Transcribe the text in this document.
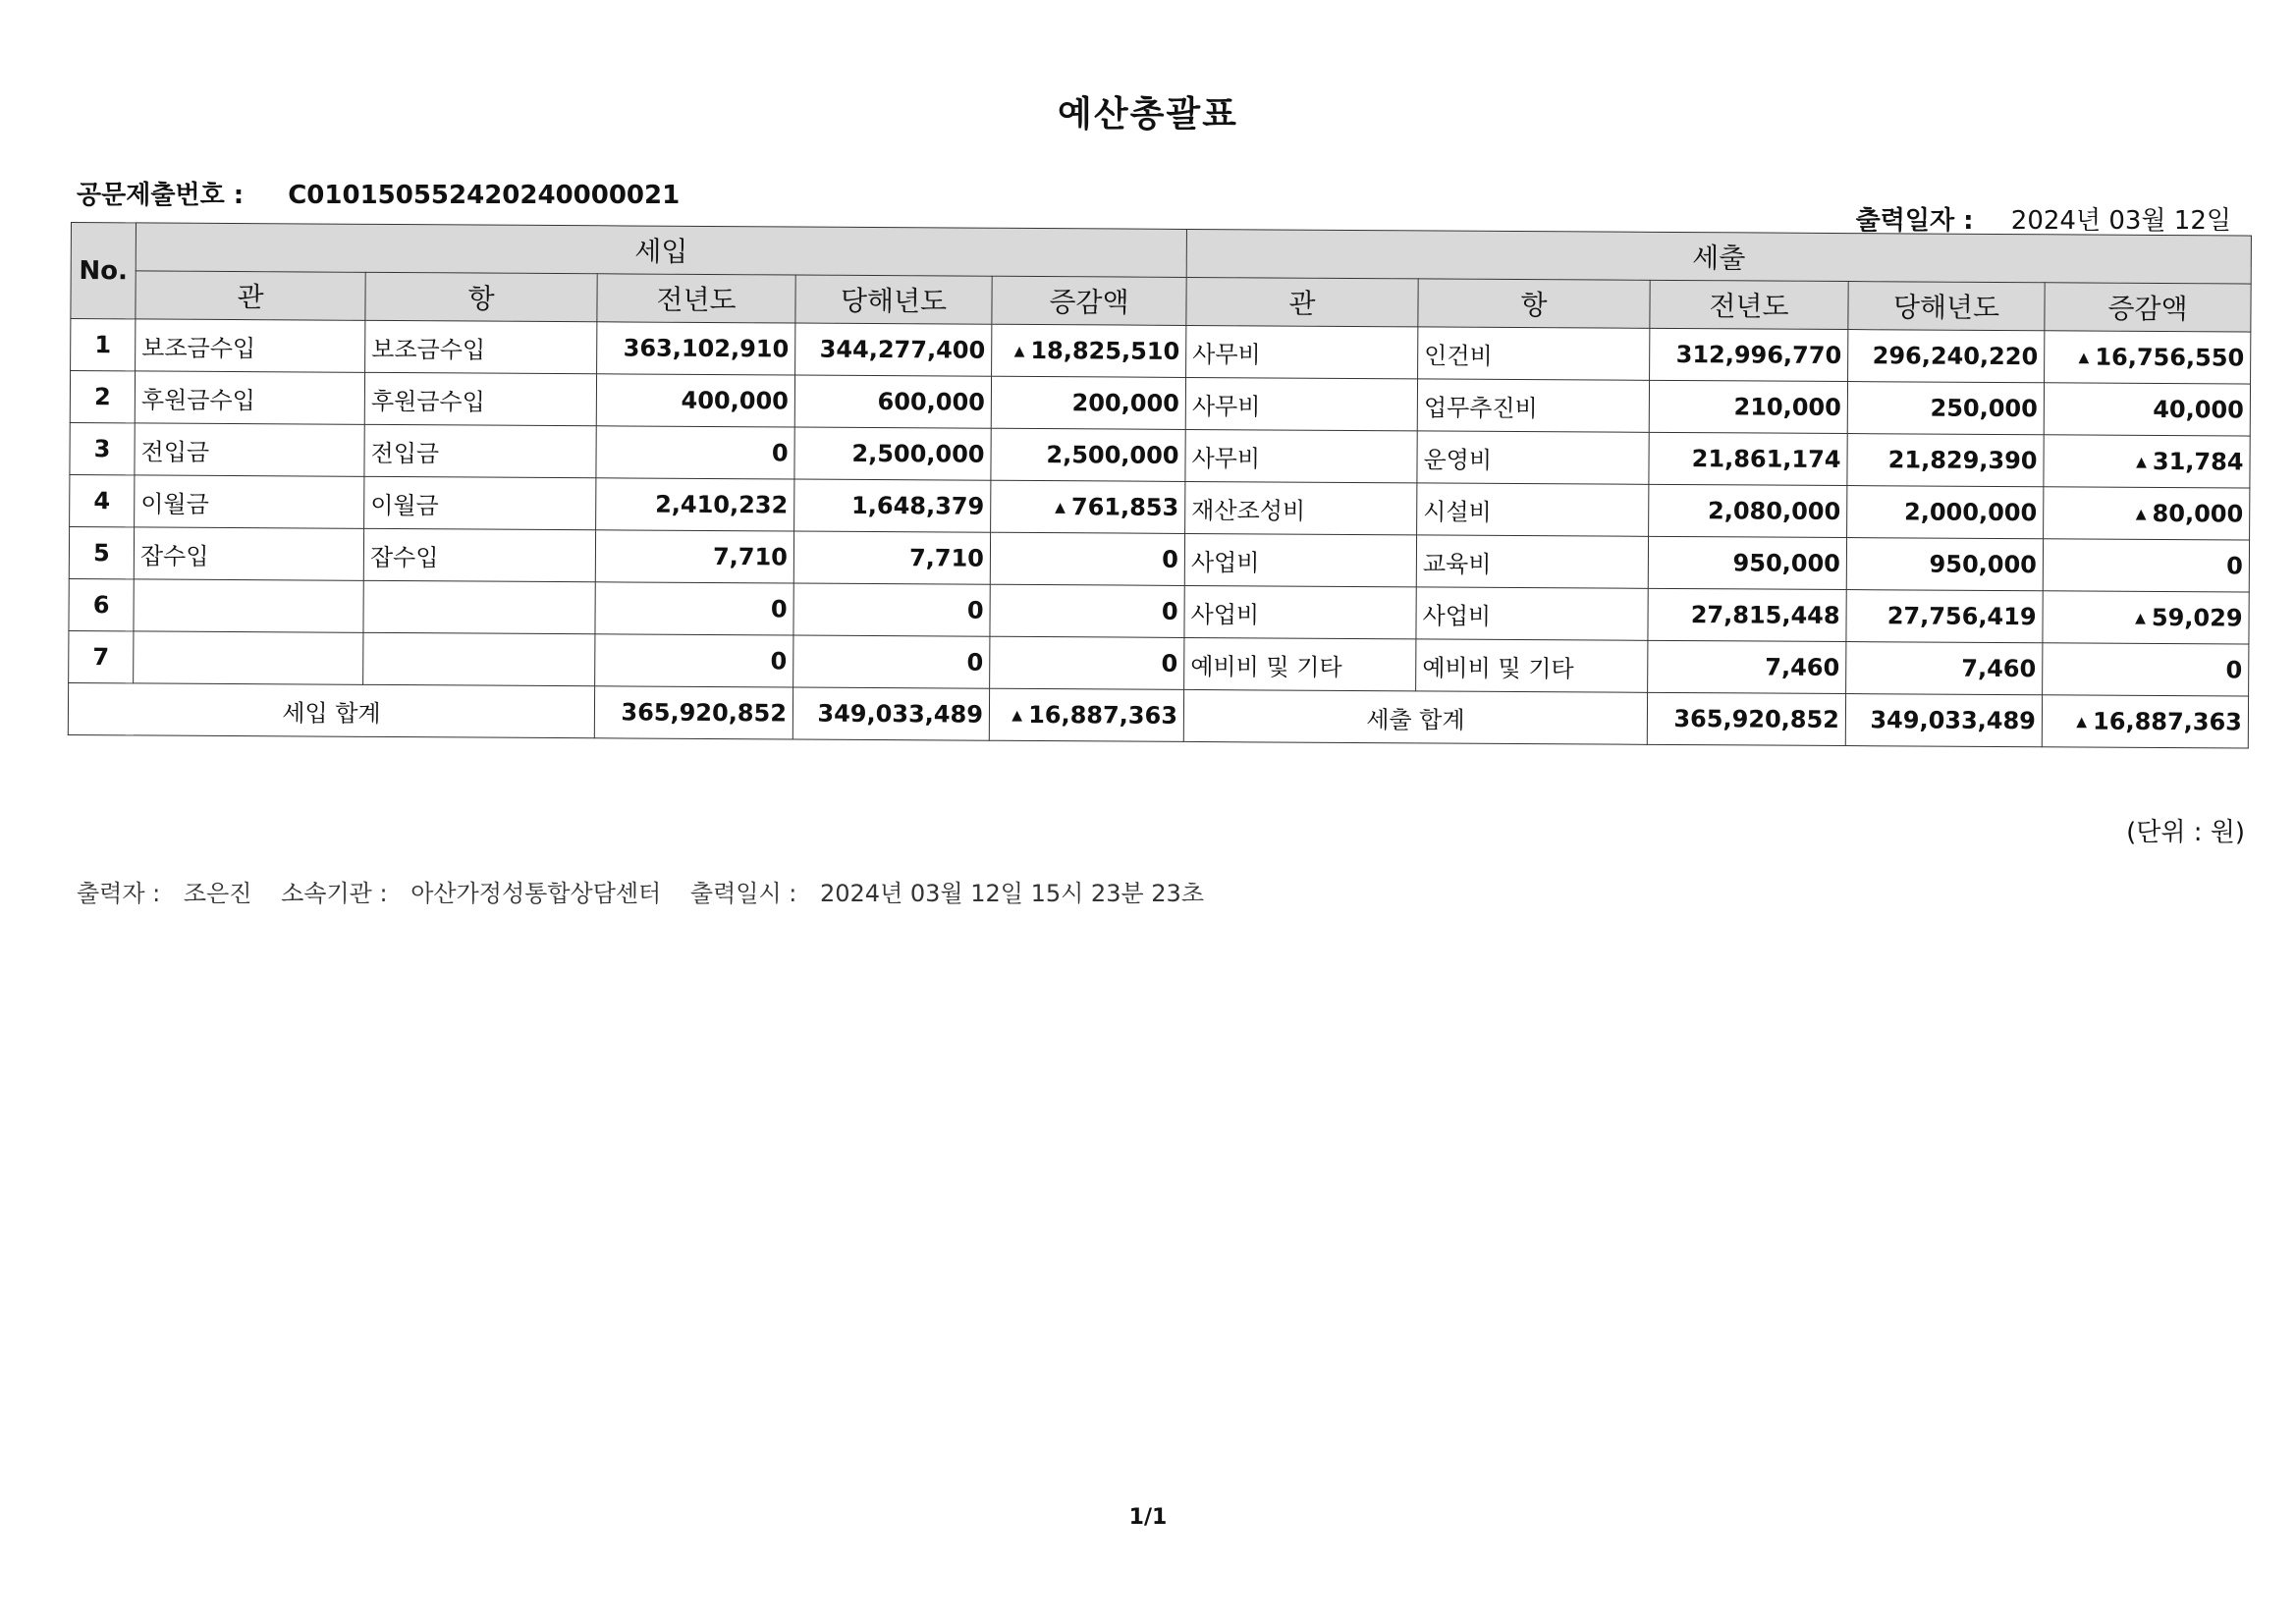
예산총괄표
공문제출번호 : C010150552420240000021
출력일자 : 2024년 03월 12일
No.	세입					세출				
	관	항	전년도	당해년도	증감액	관	항	전년도	당해년도	증감액
1	보조금수입	보조금수입	363,102,910	344,277,400	▲ 18,825,510	사무비	인건비	312,996,770	296,240,220	▲ 16,756,550
2	후원금수입	후원금수입	400,000	600,000	200,000	사무비	업무추진비	210,000	250,000	40,000
3	전입금	전입금	0	2,500,000	2,500,000	사무비	운영비	21,861,174	21,829,390	▲ 31,784
4	이월금	이월금	2,410,232	1,648,379	▲ 761,853	재산조성비	시설비	2,080,000	2,000,000	▲ 80,000
5	잡수입	잡수입	7,710	7,710	0	사업비	교육비	950,000	950,000	0
6			0	0	0	사업비	사업비	27,815,448	27,756,419	▲ 59,029
7			0	0	0	예비비 및 기타	예비비 및 기타	7,460	7,460	0
세입 합계			365,920,852	349,033,489	▲ 16,887,363	세출 합계		365,920,852	349,033,489	▲ 16,887,363
(단위 : 원)
출력자 : 조은진 소속기관 : 아산가정성통합상담센터 출력일시 : 2024년 03월 12일 15시 23분 23초
1/1
